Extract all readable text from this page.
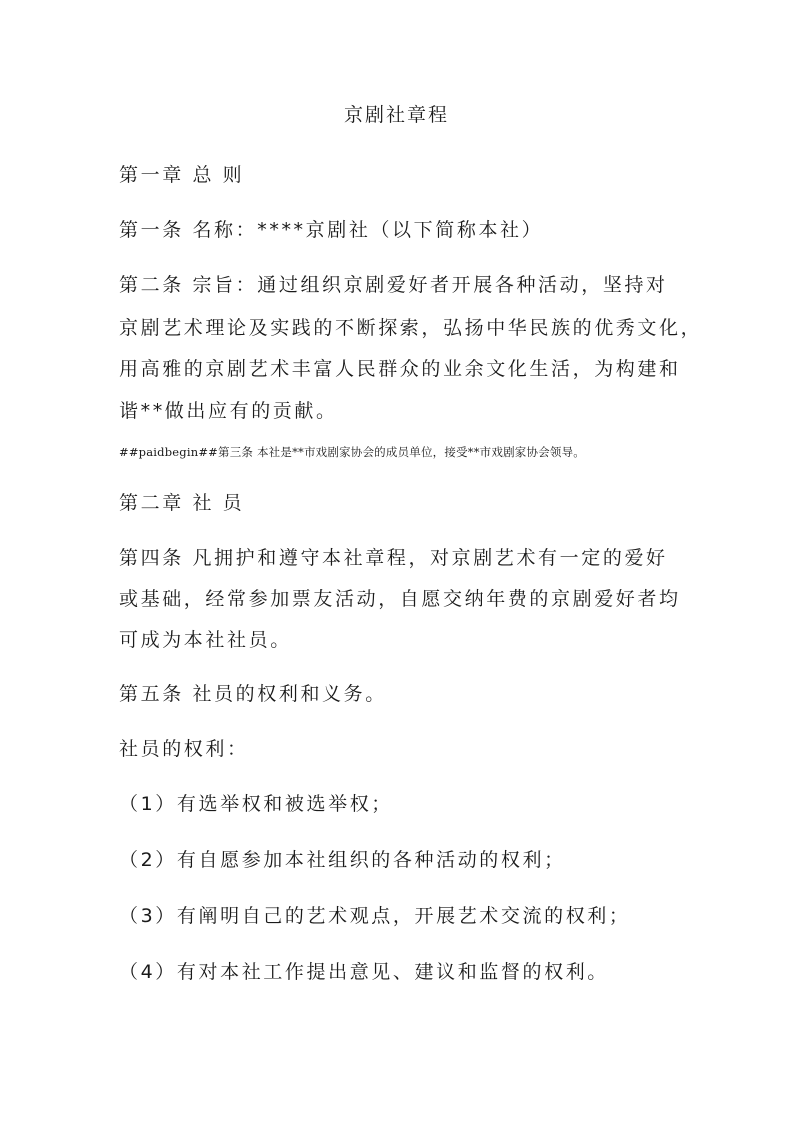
京剧社章程
第一章 总 则
第一条 名称：****京剧社（以下简称本社）
第二条 宗旨：通过组织京剧爱好者开展各种活动，坚持对
京剧艺术理论及实践的不断探索，弘扬中华民族的优秀文化，
用高雅的京剧艺术丰富人民群众的业余文化生活，为构建和
谐**做出应有的贡献。
##paidbegin##第三条 本社是**市戏剧家协会的成员单位，接受**市戏剧家协会领导。
第二章 社 员
第四条 凡拥护和遵守本社章程，对京剧艺术有一定的爱好
或基础，经常参加票友活动，自愿交纳年费的京剧爱好者均
可成为本社社员。
第五条 社员的权利和义务。
社员的权利：
（1）有选举权和被选举权；
（2）有自愿参加本社组织的各种活动的权利；
（3）有阐明自己的艺术观点，开展艺术交流的权利；
（4）有对本社工作提出意见、建议和监督的权利。
